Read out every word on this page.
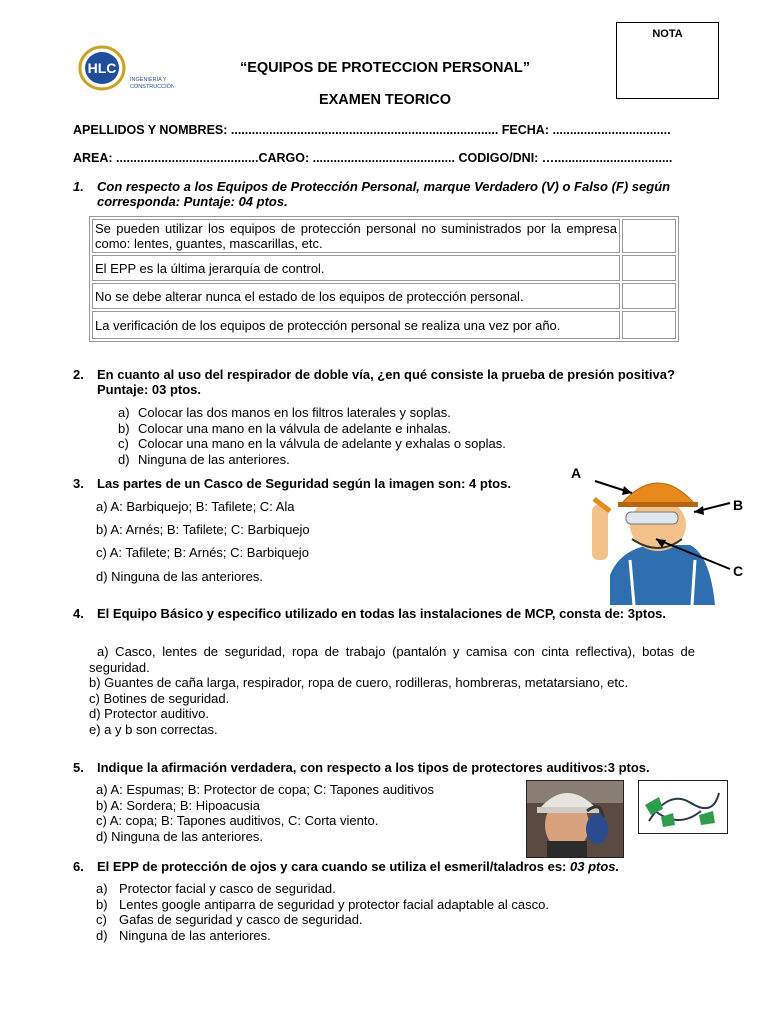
NOTA
HLC
INGENIERÍA Y
CONSTRUCCIÓN
“EQUIPOS DE PROTECCION PERSONAL”
EXAMEN TEORICO
APELLIDOS Y NOMBRES: ............................................................................. FECHA: ..................................
AREA: .........................................CARGO: ......................................... CODIGO/DNI: …..................................
1. Con respecto a los Equipos de Protección Personal, marque Verdadero (V) o Falso (F) según corresponda: Puntaje: 04 ptos.
Se pueden utilizar los equipos de protección personal no suministrados por la empresa como: lentes, guantes, mascarillas, etc.	
El EPP es la última jerarquía de control.	
No se debe alterar nunca el estado de los equipos de protección personal.	
La verificación de los equipos de protección personal se realiza una vez por año.	
2. En cuanto al uso del respirador de doble vía, ¿en qué consiste la prueba de presión positiva? Puntaje: 03 ptos.
a) Colocar las dos manos en los filtros laterales y soplas.
b) Colocar una mano en la válvula de adelante e inhalas.
c) Colocar una mano en la válvula de adelante y exhalas o soplas.
d) Ninguna de las anteriores.
3. Las partes de un Casco de Seguridad según la imagen son: 4 ptos.
a) A: Barbiquejo; B: Tafilete; C: Ala
b) A: Arnés; B: Tafilete; C: Barbiquejo
c) A: Tafilete; B: Arnés; C: Barbiquejo
d) Ninguna de las anteriores.
A
B
C
4. El Equipo Básico y especifico utilizado en todas las instalaciones de MCP, consta de: 3ptos.
a) Casco, lentes de seguridad, ropa de trabajo (pantalón y camisa con cinta reflectiva), botas de seguridad.
b) Guantes de caña larga, respirador, ropa de cuero, rodilleras, hombreras, metatarsiano, etc.
c) Botines de seguridad.
d) Protector auditivo.
e) a y b son correctas.
5. Indique la afirmación verdadera, con respecto a los tipos de protectores auditivos:3 ptos.
a) A: Espumas; B: Protector de copa; C: Tapones auditivos
b) A: Sordera; B: Hipoacusia
c) A: copa; B: Tapones auditivos, C: Corta viento.
d) Ninguna de las anteriores.
6. El EPP de protección de ojos y cara cuando se utiliza el esmeril/taladros es: 03 ptos.
a) Protector facial y casco de seguridad.
b) Lentes google antiparra de seguridad y protector facial adaptable al casco.
c) Gafas de seguridad y casco de seguridad.
d) Ninguna de las anteriores.
